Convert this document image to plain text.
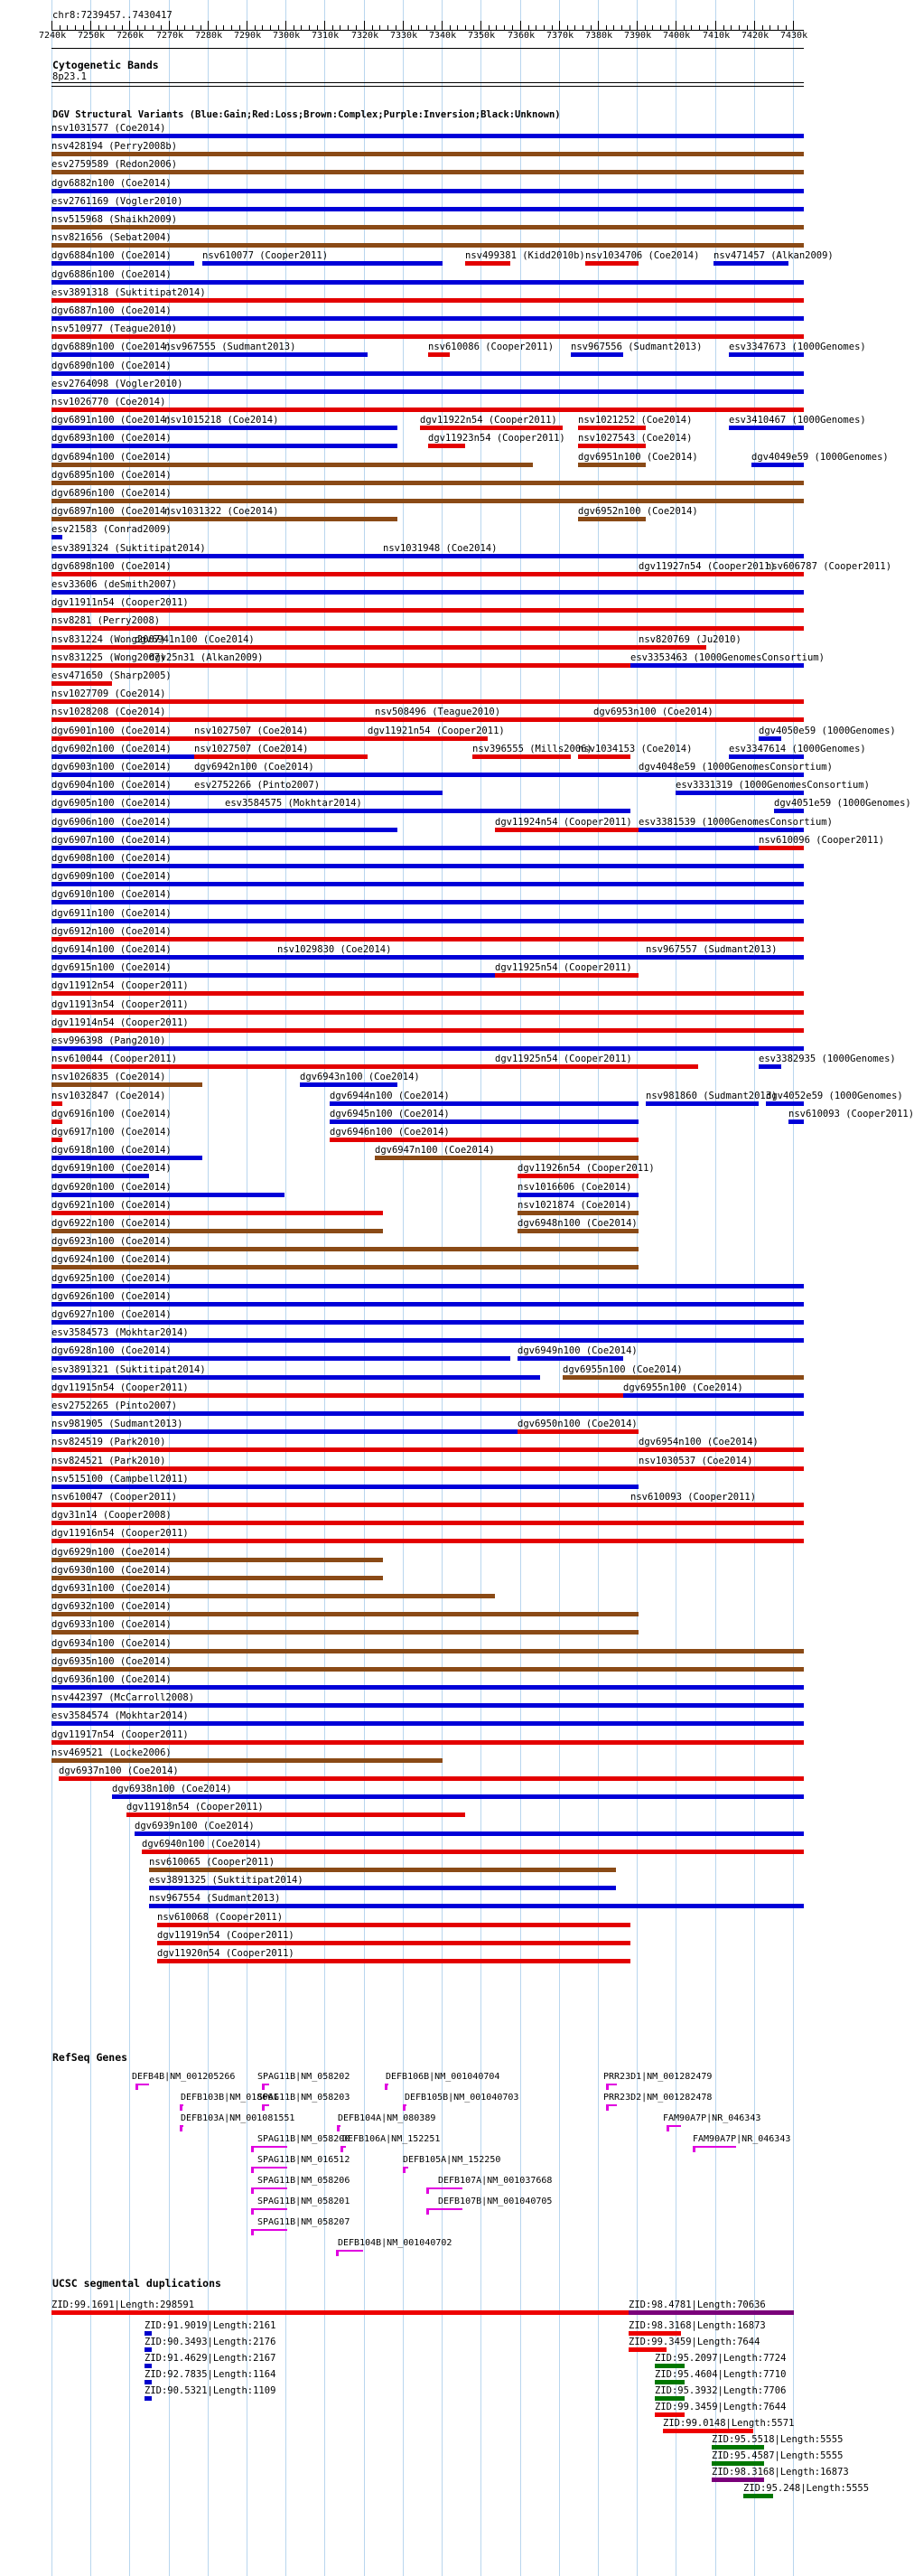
chr8:7239457..7430417
7240k 7250k 7260k 7270k 7280k 7290k 7300k 7310k 7320k 7330k 7340k 7350k 7360k 7370k 7380k 7390k 7400k 7410k 7420k 7430k
Cytogenetic Bands
8p23.1
DGV Structural Variants (Blue:Gain;Red:Loss;Brown:Complex;Purple:Inversion;Black:Unknown)
nsv1031577 (Coe2014)
nsv428194 (Perry2008b)
esv2759589 (Redon2006)
dgv6882n100 (Coe2014)
esv2761169 (Vogler2010)
nsv515968 (Shaikh2009)
nsv821656 (Sebat2004)
dgv6884n100 (Coe2014)	nsv610077 (Cooper2011)	nsv499381 (Kidd2010b) nsv1034706 (Coe2014) nsv471457 (Alkan2009)
dgv6886n100 (Coe2014)
esv3891318 (Suktitipat2014)
dgv6887n100 (Coe2014)
nsv510977 (Teague2010)
dgv6889n100 (Coe2014)
nsv967555 (Sudmant2013)	nsv610086 (Cooper2011) nsv967556 (Sudmant2013)	esv3347673 (1000Genomes)
dgv6890n100 (Coe2014)
esv2764098 (Vogler2010)
nsv1026770 (Coe2014)
dgv6891n100 (Coe2014)
nsv1015218 (Coe2014)	dgv11922n54 (Cooper2011) nsv1021252 (Coe2014)	esv3410467 (1000Genomes)
dgv6893n100 (Coe2014)	dgv11923n54 (Cooper2011) nsv1027543 (Coe2014)
dgv6894n100 (Coe2014)	dgv6951n100 (Coe2014)	dgv4049e59 (1000Genomes)
dgv6895n100 (Coe2014)
dgv6896n100 (Coe2014)
dgv6897n100 (Coe2014)
nsv1031322 (Coe2014)	dgv6952n100 (Coe2014)
esv21583 (Conrad2009)
esv3891324 (Suktitipat2014)	nsv1031948 (Coe2014)
dgv6898n100 (Coe2014)	dgv11927n54 (Cooper2011)
nsv606787 (Cooper2011)
esv33606 (deSmith2007)
dgv11911n54 (Cooper2011)
nsv8281 (Perry2008)
nsv831224 (Wong2007)
dgv6941n100 (Coe2014)	nsv820769 (Ju2010)
nsv831225 (Wong2007)
dgv25n31 (Alkan2009)	esv3353463 (1000GenomesConsortium)
esv471650 (Sharp2005)
nsv1027709 (Coe2014)
nsv1028208 (Coe2014)	nsv508496 (Teague2010)	dgv6953n100 (Coe2014)
dgv6901n100 (Coe2014) nsv1027507 (Coe2014)	dgv11921n54 (Cooper2011)	dgv4050e59 (1000Genomes)
dgv6902n100 (Coe2014) nsv1027507 (Coe2014)	nsv396555 (Mills2006)
nsv1034153 (Coe2014)	esv3347614 (1000Genomes)
dgv6903n100 (Coe2014) dgv6942n100 (Coe2014)	dgv4048e59 (1000GenomesConsortium)
dgv6904n100 (Coe2014) esv2752266 (Pinto2007)	esv3331319 (1000GenomesConsortium)
dgv6905n100 (Coe2014)	esv3584575 (Mokhtar2014)	dgv4051e59 (1000Genomes)
dgv6906n100 (Coe2014)	dgv11924n54 (Cooper2011) esv3381539 (1000GenomesConsortium)
dgv6907n100 (Coe2014)	nsv610096 (Cooper2011)
dgv6908n100 (Coe2014)
dgv6909n100 (Coe2014)
dgv6910n100 (Coe2014)
dgv6911n100 (Coe2014)
dgv6912n100 (Coe2014)
dgv6914n100 (Coe2014)	nsv1029830 (Coe2014)	nsv967557 (Sudmant2013)
dgv6915n100 (Coe2014)	dgv11925n54 (Cooper2011)
dgv11912n54 (Cooper2011)
dgv11913n54 (Cooper2011)
dgv11914n54 (Cooper2011)
esv996398 (Pang2010)
nsv610044 (Cooper2011)	dgv11925n54 (Cooper2011)	esv3382935 (1000Genomes)
nsv1026835 (Coe2014)	dgv6943n100 (Coe2014)
nsv1032847 (Coe2014)	dgv6944n100 (Coe2014)	nsv981860 (Sudmant2013)
dgv4052e59 (1000Genomes)
dgv6916n100 (Coe2014)	dgv6945n100 (Coe2014)	nsv610093 (Cooper2011)
dgv6917n100 (Coe2014)	dgv6946n100 (Coe2014)
dgv6918n100 (Coe2014)	dgv6947n100 (Coe2014)
dgv6919n100 (Coe2014)	dgv11926n54 (Cooper2011)
dgv6920n100 (Coe2014)	nsv1016606 (Coe2014)
dgv6921n100 (Coe2014)	nsv1021874 (Coe2014)
dgv6922n100 (Coe2014)	dgv6948n100 (Coe2014)
dgv6923n100 (Coe2014)
dgv6924n100 (Coe2014)
dgv6925n100 (Coe2014)
dgv6926n100 (Coe2014)
dgv6927n100 (Coe2014)
esv3584573 (Mokhtar2014)
dgv6928n100 (Coe2014)	dgv6949n100 (Coe2014)
esv3891321 (Suktitipat2014)	dgv6955n100 (Coe2014)
dgv11915n54 (Cooper2011)	dgv6955n100 (Coe2014)
esv2752265 (Pinto2007)
nsv981905 (Sudmant2013)	dgv6950n100 (Coe2014)
nsv824519 (Park2010)	dgv6954n100 (Coe2014)
nsv824521 (Park2010)	nsv1030537 (Coe2014)
nsv515100 (Campbell2011)
nsv610047 (Cooper2011)	nsv610093 (Cooper2011)
dgv31n14 (Cooper2008)
dgv11916n54 (Cooper2011)
dgv6929n100 (Coe2014)
dgv6930n100 (Coe2014)
dgv6931n100 (Coe2014)
dgv6932n100 (Coe2014)
dgv6933n100 (Coe2014)
dgv6934n100 (Coe2014)
dgv6935n100 (Coe2014)
dgv6936n100 (Coe2014)
nsv442397 (McCarroll2008)
esv3584574 (Mokhtar2014)
dgv11917n54 (Cooper2011)
nsv469521 (Locke2006)
dgv6937n100 (Coe2014)
dgv6938n100 (Coe2014)
dgv11918n54 (Cooper2011)
dgv6939n100 (Coe2014)
dgv6940n100 (Coe2014)
nsv610065 (Cooper2011)
esv3891325 (Suktitipat2014)
nsv967554 (Sudmant2013)
nsv610068 (Cooper2011)
dgv11919n54 (Cooper2011)
dgv11920n54 (Cooper2011)
RefSeq Genes
DEFB4B|NM_001205266 SPAG11B|NM_058202	DEFB106B|NM_001040704	PRR23D1|NM_001282479
DEFB103B|NM_018661
SPAG11B|NM_058203	DEFB105B|NM_001040703	PRR23D2|NM_001282478
DEFB103A|NM_001081551	DEFB104A|NM_080389	FAM90A7P|NR_046343
SPAG11B|NM_058200
DEFB106A|NM_152251	FAM90A7P|NR_046343
SPAG11B|NM_016512	DEFB105A|NM_152250
SPAG11B|NM_058206	DEFB107A|NM_001037668
SPAG11B|NM_058201	DEFB107B|NM_001040705
SPAG11B|NM_058207
DEFB104B|NM_001040702
UCSC segmental duplications
ZID:99.1691|Length:298591	ZID:98.4781|Length:70636
ZID:91.9019|Length:2161	ZID:98.3168|Length:16873
ZID:90.3493|Length:2176	ZID:99.3459|Length:7644
ZID:91.4629|Length:2167	ZID:95.2097|Length:7724
ZID:92.7835|Length:1164	ZID:95.4604|Length:7710
ZID:90.5321|Length:1109	ZID:95.3932|Length:7706
ZID:99.3459|Length:7644
ZID:99.0148|Length:5571
ZID:95.5518|Length:5555
ZID:95.4587|Length:5555
ZID:98.3168|Length:16873
ZID:95.248|Length:5555
